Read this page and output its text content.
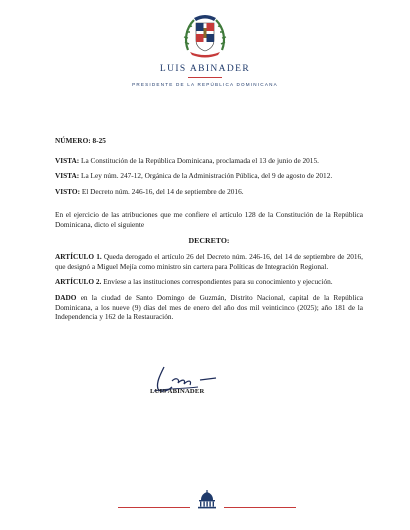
LUIS ABINADER
PRESIDENTE DE LA REPÚBLICA DOMINICANA

NÚMERO: 8-25

VISTA: La Constitución de la República Dominicana, proclamada el 13 de junio de 2015.

VISTA: La Ley núm. 247-12, Orgánica de la Administración Pública, del 9 de agosto de 2012.

VISTO: El Decreto núm. 246-16, del 14 de septiembre de 2016.

En el ejercicio de las atribuciones que me confiere el artículo 128 de la Constitución de la República Dominicana, dicto el siguiente

DECRETO:

ARTÍCULO 1. Queda derogado el artículo 26 del Decreto núm. 246-16, del 14 de septiembre de 2016, que designó a Miguel Mejía como ministro sin cartera para Políticas de Integración Regional.

ARTÍCULO 2. Envíese a las instituciones correspondientes para su conocimiento y ejecución.

DADO en la ciudad de Santo Domingo de Guzmán, Distrito Nacional, capital de la República Dominicana, a los nueve (9) días del mes de enero del año dos mil veinticinco (2025); año 181 de la Independencia y 162 de la Restauración.

LUIS ABINADER
